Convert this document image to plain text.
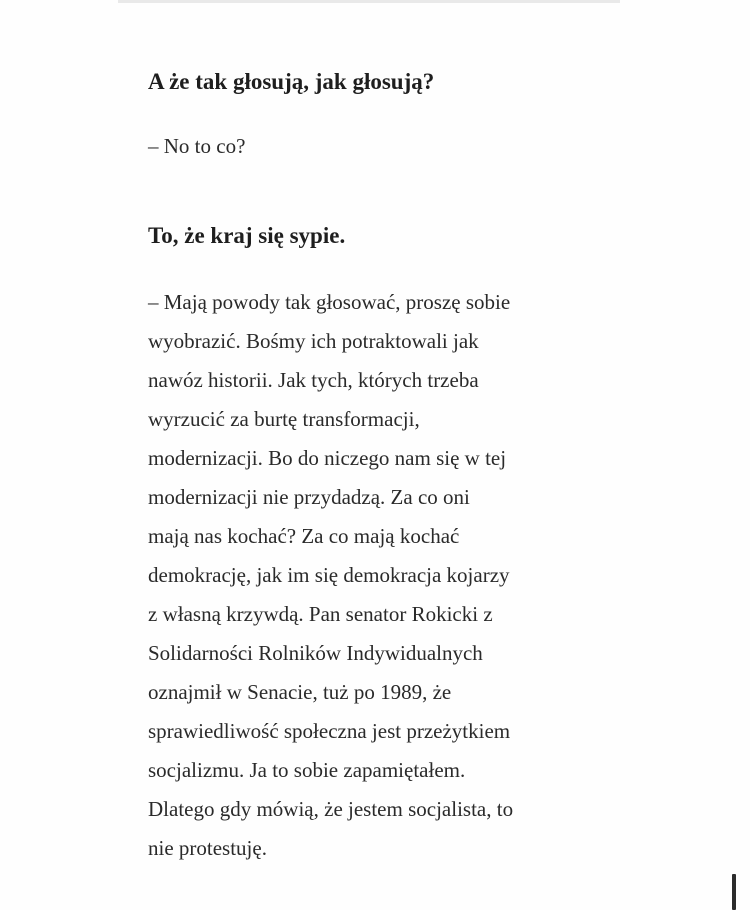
A że tak głosują, jak głosują?

– No to co?

To, że kraj się sypie.

– Mają powody tak głosować, proszę sobie
wyobrazić. Bośmy ich potraktowali jak
nawóz historii. Jak tych, których trzeba
wyrzucić za burtę transformacji,
modernizacji. Bo do niczego nam się w tej
modernizacji nie przydadzą. Za co oni
mają nas kochać? Za co mają kochać
demokrację, jak im się demokracja kojarzy
z własną krzywdą. Pan senator Rokicki z
Solidarności Rolników Indywidualnych
oznajmił w Senacie, tuż po 1989, że
sprawiedliwość społeczna jest przeżytkiem
socjalizmu. Ja to sobie zapamiętałem.
Dlatego gdy mówią, że jestem socjalista, to
nie protestuję.
